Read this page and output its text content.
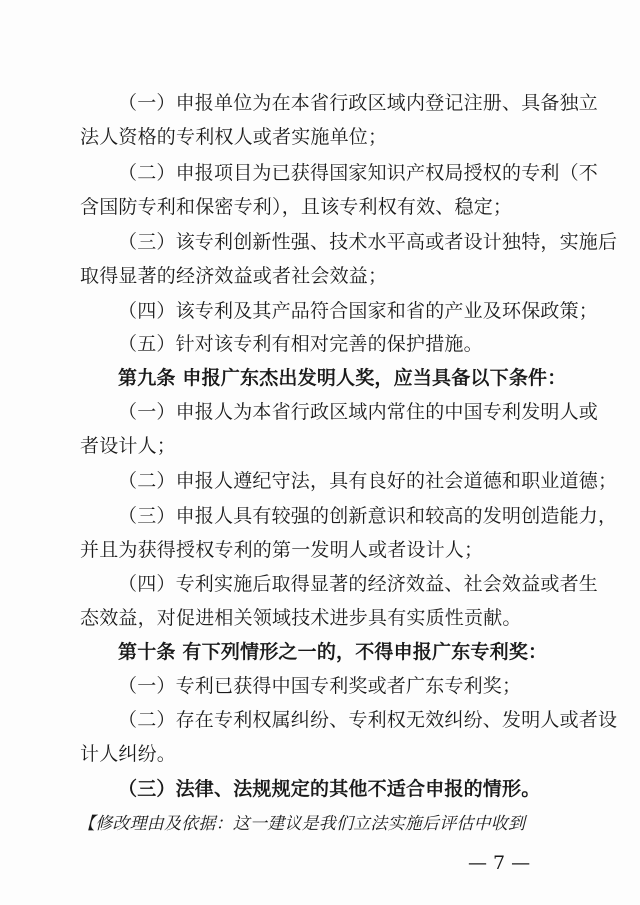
（一）申报单位为在本省行政区域内登记注册、具备独立
法人资格的专利权人或者实施单位；
（二）申报项目为已获得国家知识产权局授权的专利（不
含国防专利和保密专利），且该专利权有效、稳定；
（三）该专利创新性强、技术水平高或者设计独特，实施后
取得显著的经济效益或者社会效益；
（四）该专利及其产品符合国家和省的产业及环保政策；
（五）针对该专利有相对完善的保护措施。
第九条 申报广东杰出发明人奖，应当具备以下条件：
（一）申报人为本省行政区域内常住的中国专利发明人或
者设计人；
（二）申报人遵纪守法，具有良好的社会道德和职业道德；
（三）申报人具有较强的创新意识和较高的发明创造能力，
并且为获得授权专利的第一发明人或者设计人；
（四）专利实施后取得显著的经济效益、社会效益或者生
态效益，对促进相关领域技术进步具有实质性贡献。
第十条 有下列情形之一的，不得申报广东专利奖：
（一）专利已获得中国专利奖或者广东专利奖；
（二）存在专利权属纠纷、专利权无效纠纷、发明人或者设
计人纠纷。
（三）法律、法规规定的其他不适合申报的情形。
【修改理由及依据：这一建议是我们立法实施后评估中收到
— 7 —
